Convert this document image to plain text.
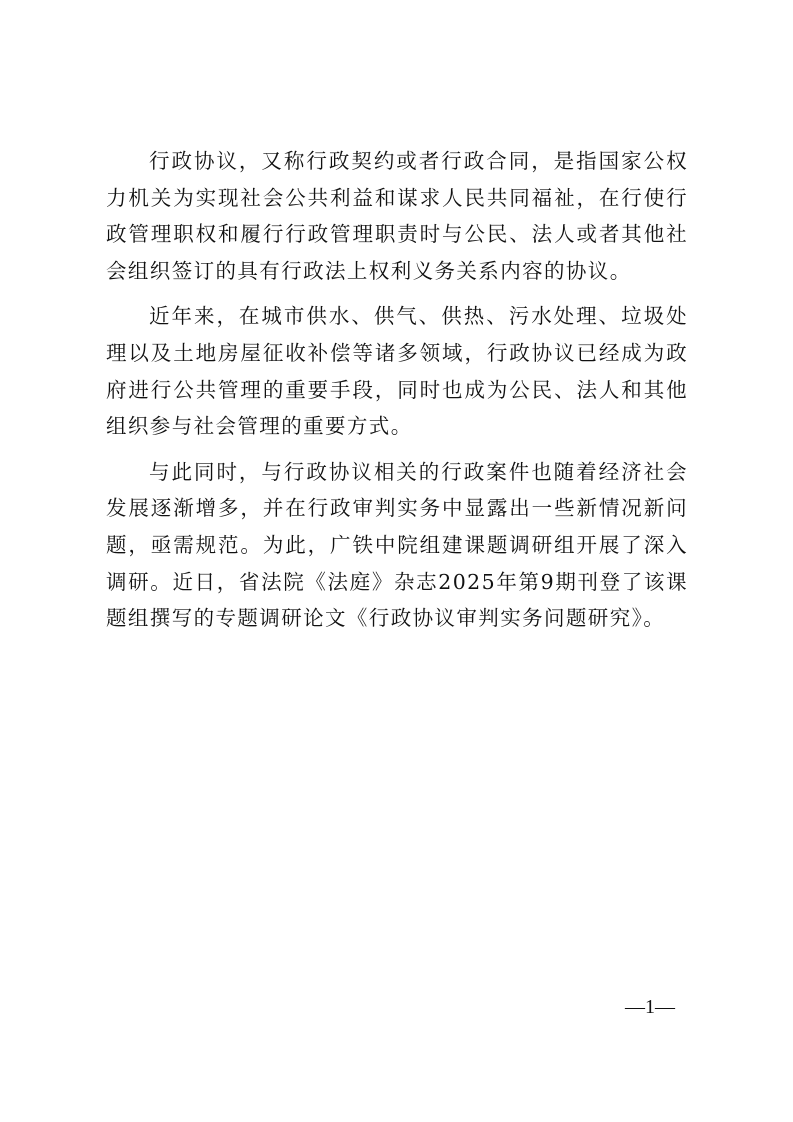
行政协议，又称行政契约或者行政合同，是指国家公权力机关为实现社会公共利益和谋求人民共同福祉，在行使行政管理职权和履行行政管理职责时与公民、法人或者其他社会组织签订的具有行政法上权利义务关系内容的协议。

近年来，在城市供水、供气、供热、污水处理、垃圾处理以及土地房屋征收补偿等诸多领域，行政协议已经成为政府进行公共管理的重要手段，同时也成为公民、法人和其他组织参与社会管理的重要方式。

与此同时，与行政协议相关的行政案件也随着经济社会发展逐渐增多，并在行政审判实务中显露出一些新情况新问题，亟需规范。为此，广铁中院组建课题调研组开展了深入调研。近日，省法院《法庭》杂志2025年第9期刊登了该课题组撰写的专题调研论文《行政协议审判实务问题研究》。

—1—
